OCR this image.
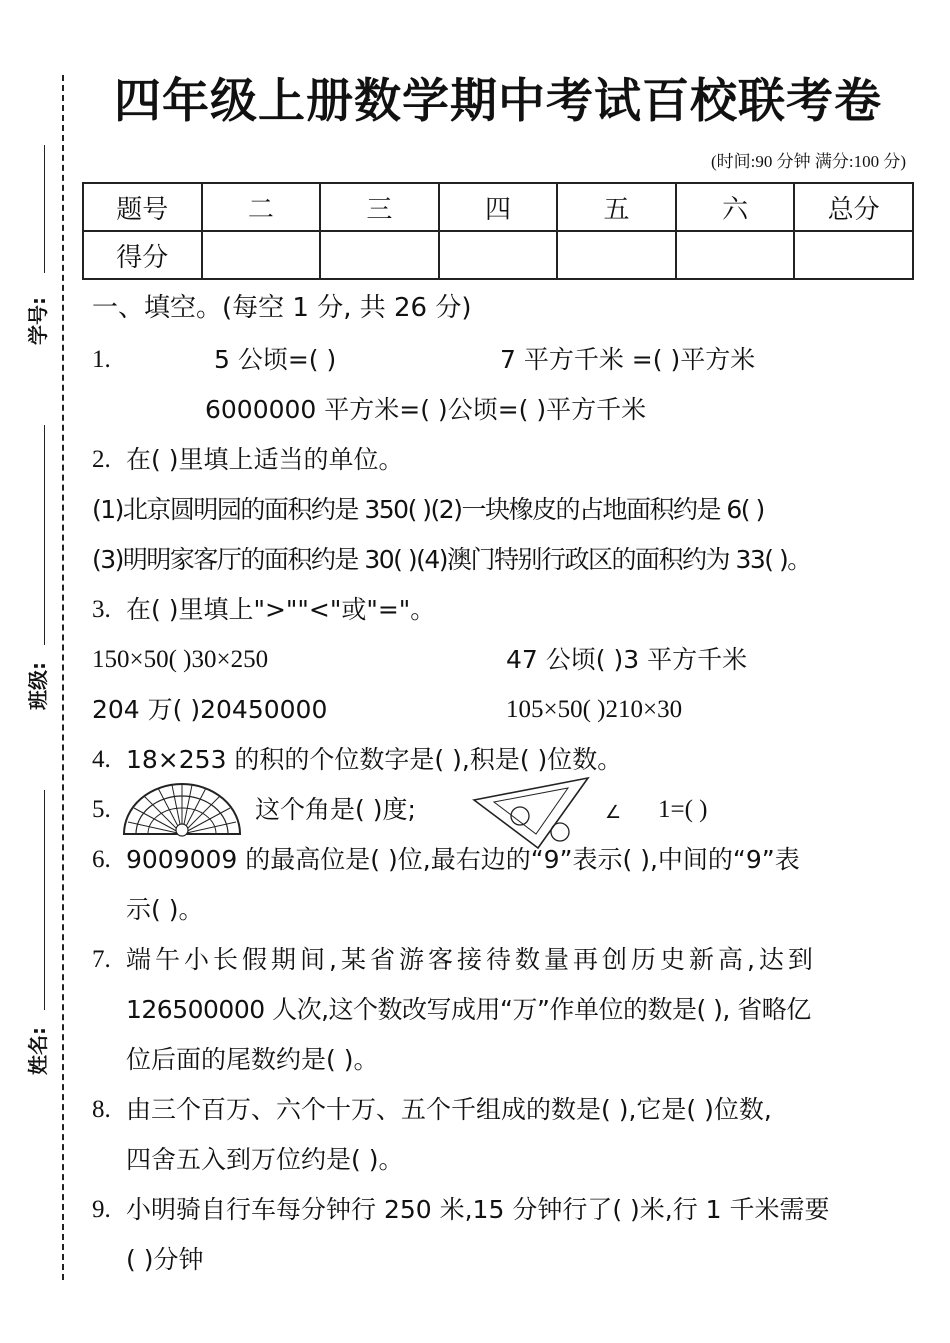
学号:
班级:
姓名:
四年级上册数学期中考试百校联考卷
(时间:90 分钟 满分:100 分)
题号	二	三	四	五	六	总分
得分						
一、填空。(每空 1 分, 共 26 分)
1.	5 公顷=( )	7 平方千米 =( )平方米
6000000 平方米=( )公顷=( )平方千米
2. 在( )里填上适当的单位。
(1)北京圆明园的面积约是 350( )(2)一块橡皮的占地面积约是 6( )
(3)明明家客厅的面积约是 30( )(4)澳门特别行政区的面积约为 33( )。
3. 在( )里填上">""<"或"="。
150×50( )30×250	47 公顷( )3 平方千米
204 万( )20450000	105×50( )210×30
4. 18×253 的积的个位数字是( ),积是( )位数。
5.	这个角是( )度;	∠ 1=( )
6. 9009009 的最高位是( )位,最右边的“9”表示( ),中间的“9”表
示( )。
7. 端午小长假期间,某省游客接待数量再创历史新高,达到
126500000 人次,这个数改写成用“万”作单位的数是( ), 省略亿
位后面的尾数约是( )。
8. 由三个百万、六个十万、五个千组成的数是( ),它是( )位数,
四舍五入到万位约是( )。
9. 小明骑自行车每分钟行 250 米,15 分钟行了( )米,行 1 千米需要
( )分钟
